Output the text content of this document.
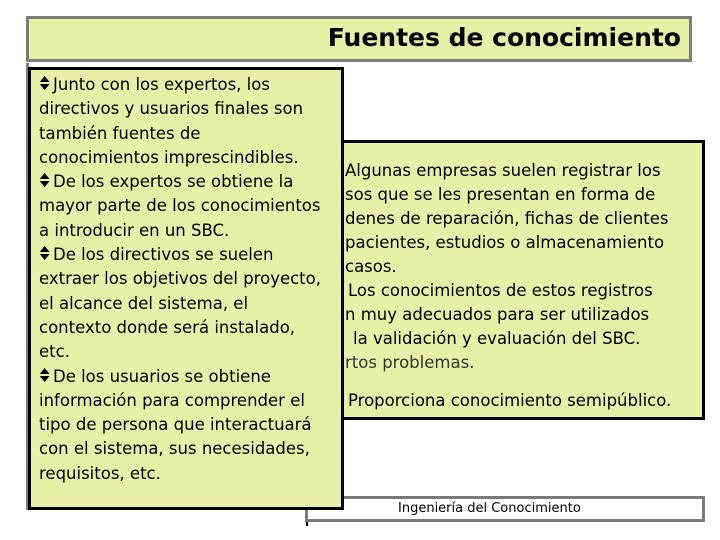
Fuentes de conocimiento
Algunas empresas suelen registrar los
sos que se les presentan en forma de
denes de reparación, fichas de clientes
pacientes, estudios o almacenamiento
casos.
Los conocimientos de estos registros
n muy adecuados para ser utilizados
la validación y evaluación del SBC.
rtos problemas.
Proporciona conocimiento semipúblico.
Ingeniería del Conocimiento
Junto con los expertos, los
directivos y usuarios finales son
también fuentes de
conocimientos imprescindibles.
De los expertos se obtiene la
mayor parte de los conocimientos
a introducir en un SBC.
De los directivos se suelen
extraer los objetivos del proyecto,
el alcance del sistema, el
contexto donde será instalado,
etc.
De los usuarios se obtiene
información para comprender el
tipo de persona que interactuará
con el sistema, sus necesidades,
requisitos, etc.
